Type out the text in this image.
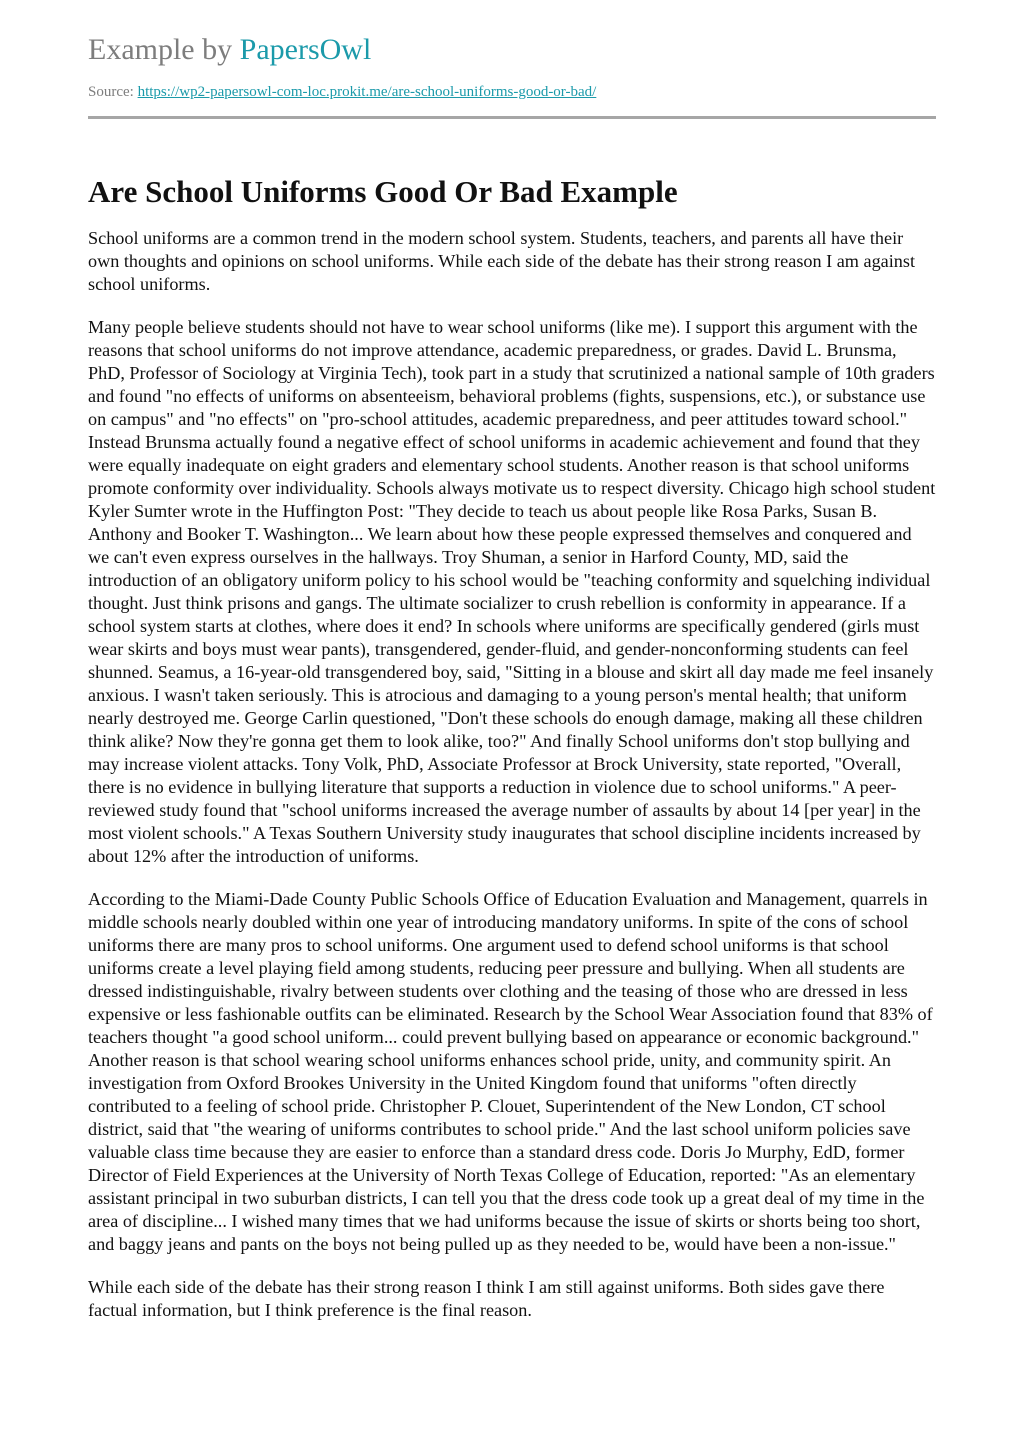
Example by PapersOwl
Source: https://wp2-papersowl-com-loc.prokit.me/are-school-uniforms-good-or-bad/
Are School Uniforms Good Or Bad Example

School uniforms are a common trend in the modern school system. Students, teachers, and parents all have their own thoughts and opinions on school uniforms. While each side of the debate has their strong reason I am against school uniforms.

Many people believe students should not have to wear school uniforms (like me). I support this argument with the reasons that school uniforms do not improve attendance, academic preparedness, or grades. David L. Brunsma, PhD, Professor of Sociology at Virginia Tech), took part in a study that scrutinized a national sample of 10th graders and found "no effects of uniforms on absenteeism, behavioral problems (fights, suspensions, etc.), or substance use on campus" and "no effects" on "pro-school attitudes, academic preparedness, and peer attitudes toward school." Instead Brunsma actually found a negative effect of school uniforms in academic achievement and found that they were equally inadequate on eight graders and elementary school students. Another reason is that school uniforms promote conformity over individuality. Schools always motivate us to respect diversity. Chicago high school student Kyler Sumter wrote in the Huffington Post: "They decide to teach us about people like Rosa Parks, Susan B. Anthony and Booker T. Washington... We learn about how these people expressed themselves and conquered and we can't even express ourselves in the hallways. Troy Shuman, a senior in Harford County, MD, said the introduction of an obligatory uniform policy to his school would be "teaching conformity and squelching individual thought. Just think prisons and gangs. The ultimate socializer to crush rebellion is conformity in appearance. If a school system starts at clothes, where does it end? In schools where uniforms are specifically gendered (girls must wear skirts and boys must wear pants), transgendered, gender-fluid, and gender-nonconforming students can feel shunned. Seamus, a 16-year-old transgendered boy, said, "Sitting in a blouse and skirt all day made me feel insanely anxious. I wasn't taken seriously. This is atrocious and damaging to a young person's mental health; that uniform nearly destroyed me. George Carlin questioned, "Don't these schools do enough damage, making all these children think alike? Now they're gonna get them to look alike, too?" And finally School uniforms don't stop bullying and may increase violent attacks. Tony Volk, PhD, Associate Professor at Brock University, state reported, "Overall, there is no evidence in bullying literature that supports a reduction in violence due to school uniforms." A peer-reviewed study found that "school uniforms increased the average number of assaults by about 14 [per year] in the most violent schools." A Texas Southern University study inaugurates that school discipline incidents increased by about 12% after the introduction of uniforms.

According to the Miami-Dade County Public Schools Office of Education Evaluation and Management, quarrels in middle schools nearly doubled within one year of introducing mandatory uniforms. In spite of the cons of school uniforms there are many pros to school uniforms. One argument used to defend school uniforms is that school uniforms create a level playing field among students, reducing peer pressure and bullying. When all students are dressed indistinguishable, rivalry between students over clothing and the teasing of those who are dressed in less expensive or less fashionable outfits can be eliminated. Research by the School Wear Association found that 83% of teachers thought "a good school uniform... could prevent bullying based on appearance or economic background." Another reason is that school wearing school uniforms enhances school pride, unity, and community spirit. An investigation from Oxford Brookes University in the United Kingdom found that uniforms "often directly contributed to a feeling of school pride. Christopher P. Clouet, Superintendent of the New London, CT school district, said that "the wearing of uniforms contributes to school pride." And the last school uniform policies save valuable class time because they are easier to enforce than a standard dress code. Doris Jo Murphy, EdD, former Director of Field Experiences at the University of North Texas College of Education, reported: "As an elementary assistant principal in two suburban districts, I can tell you that the dress code took up a great deal of my time in the area of discipline... I wished many times that we had uniforms because the issue of skirts or shorts being too short, and baggy jeans and pants on the boys not being pulled up as they needed to be, would have been a non-issue."

While each side of the debate has their strong reason I think I am still against uniforms. Both sides gave there factual information, but I think preference is the final reason.
